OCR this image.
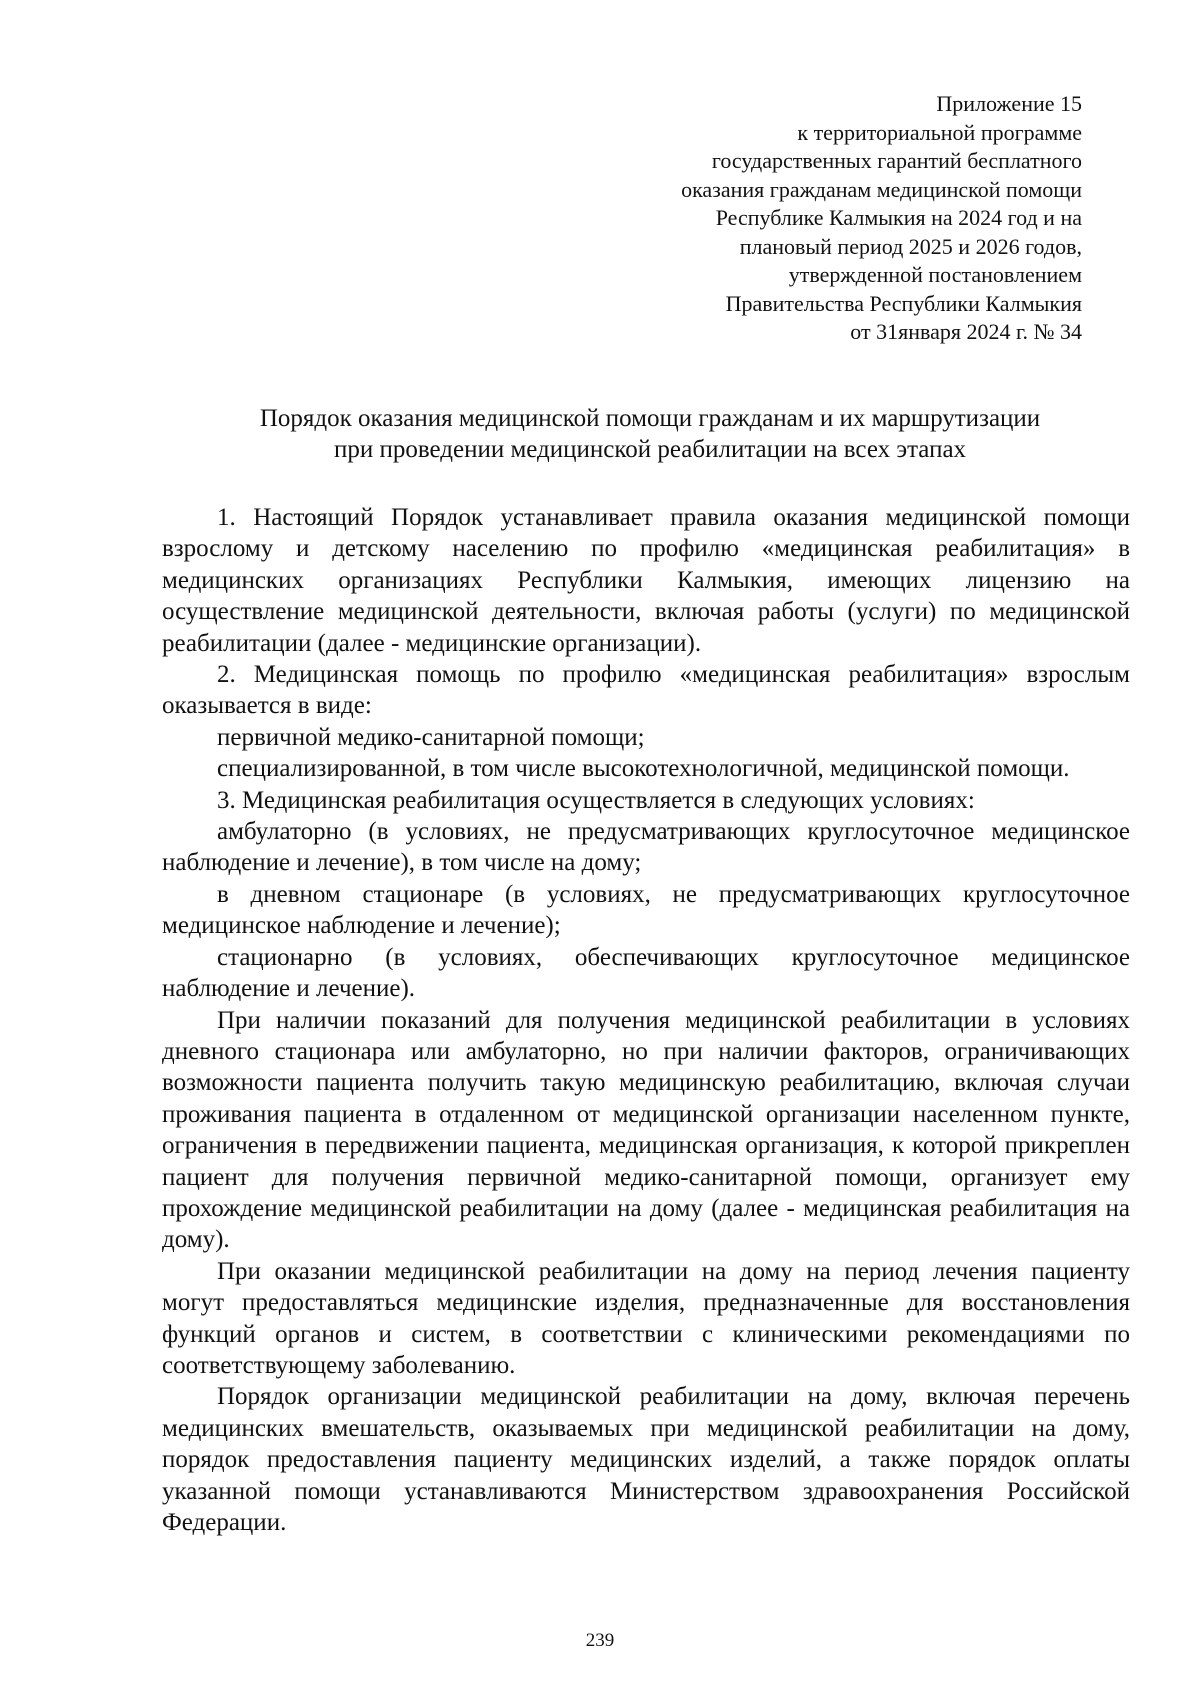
Приложение 15
к территориальной программе
государственных гарантий бесплатного
оказания гражданам медицинской помощи
Республике Калмыкия на 2024 год и на
плановый период 2025 и 2026 годов,
утвержденной постановлением
Правительства Республики Калмыкия
от 31января 2024 г. № 34
Порядок оказания медицинской помощи гражданам и их маршрутизации
при проведении медицинской реабилитации на всех этапах

1. Настоящий Порядок устанавливает правила оказания медицинской помощи взрослому и детскому населению по профилю «медицинская реабилитация» в медицинских организациях Республики Калмыкия, имеющих лицензию на осуществление медицинской деятельности, включая работы (услуги) по медицинской реабилитации (далее - медицинские организации).

2. Медицинская помощь по профилю «медицинская реабилитация» взрослым оказывается в виде:

первичной медико-санитарной помощи;

специализированной, в том числе высокотехнологичной, медицинской помощи.

3. Медицинская реабилитация осуществляется в следующих условиях:

амбулаторно (в условиях, не предусматривающих круглосуточное медицинское наблюдение и лечение), в том числе на дому;

в дневном стационаре (в условиях, не предусматривающих круглосуточное медицинское наблюдение и лечение);

стационарно (в условиях, обеспечивающих круглосуточное медицинское наблюдение и лечение).

При наличии показаний для получения медицинской реабилитации в условиях дневного стационара или амбулаторно, но при наличии факторов, ограничивающих возможности пациента получить такую медицинскую реабилитацию, включая случаи проживания пациента в отдаленном от медицинской организации населенном пункте, ограничения в передвижении пациента, медицинская организация, к которой прикреплен пациент для получения первичной медико-санитарной помощи, организует ему прохождение медицинской реабилитации на дому (далее - медицинская реабилитация на дому).

При оказании медицинской реабилитации на дому на период лечения пациенту могут предоставляться медицинские изделия, предназначенные для восстановления функций органов и систем, в соответствии с клиническими рекомендациями по соответствующему заболеванию.

Порядок организации медицинской реабилитации на дому, включая перечень медицинских вмешательств, оказываемых при медицинской реабилитации на дому, порядок предоставления пациенту медицинских изделий, а также порядок оплаты указанной помощи устанавливаются Министерством здравоохранения Российской Федерации.

239
